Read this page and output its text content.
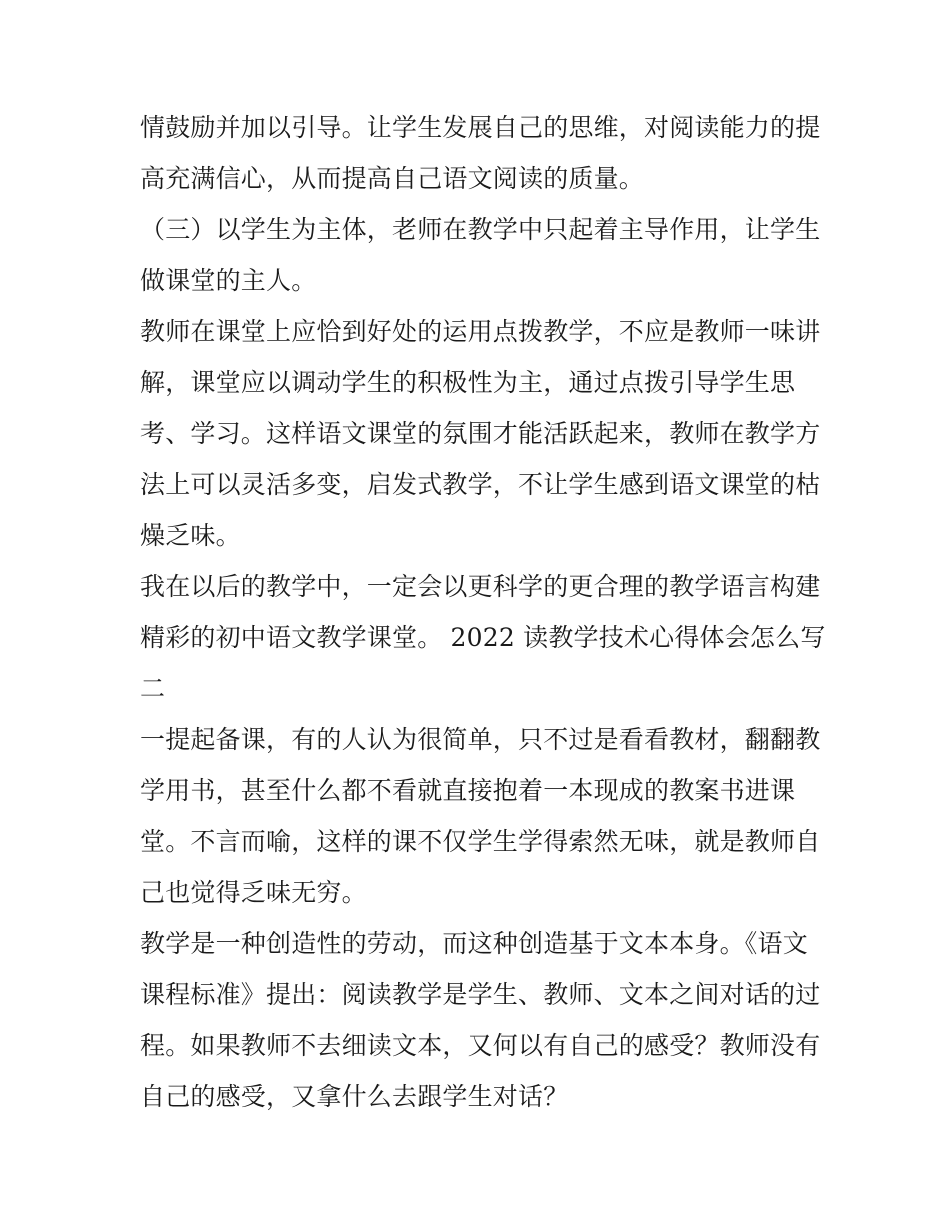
情鼓励并加以引导。让学生发展自己的思维，对阅读能力的提
高充满信心，从而提高自己语文阅读的质量。
（三）以学生为主体，老师在教学中只起着主导作用，让学生
做课堂的主人。
教师在课堂上应恰到好处的运用点拨教学，不应是教师一味讲
解，课堂应以调动学生的积极性为主，通过点拨引导学生思
考、学习。这样语文课堂的氛围才能活跃起来，教师在教学方
法上可以灵活多变，启发式教学，不让学生感到语文课堂的枯
燥乏味。
我在以后的教学中，一定会以更科学的更合理的教学语言构建
精彩的初中语文教学课堂。 2022 读教学技术心得体会怎么写
二
一提起备课，有的人认为很简单，只不过是看看教材，翻翻教
学用书，甚至什么都不看就直接抱着一本现成的教案书进课
堂。不言而喻，这样的课不仅学生学得索然无味，就是教师自
己也觉得乏味无穷。
教学是一种创造性的劳动，而这种创造基于文本本身。《语文
课程标准》提出：阅读教学是学生、教师、文本之间对话的过
程。如果教师不去细读文本，又何以有自己的感受？教师没有
自己的感受，又拿什么去跟学生对话？
